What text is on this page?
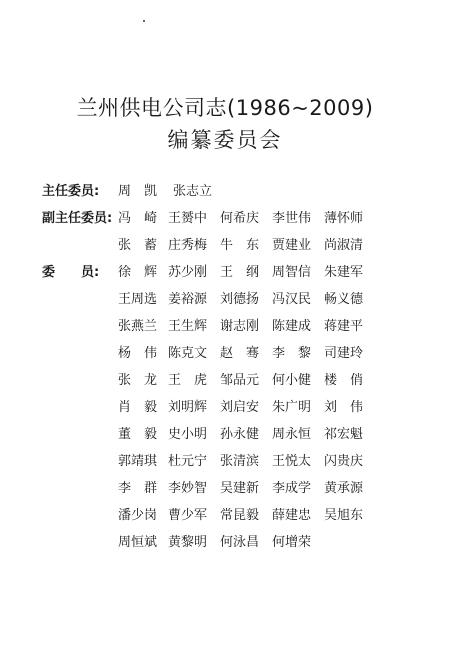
兰州供电公司志(1986~2009)
编纂委员会
主任委员: 周　凯 张志立
副主任委员: 冯　崎 王赟中 何希庆 李世伟 薄怀师
张　蓄 庄秀梅 牛　东 贾建业 尚淑清
委　　员: 徐　辉 苏少刚 王　纲 周智信 朱建军
王周选 姜裕源 刘德扬 冯汉民 畅义德
张燕兰 王生辉 谢志刚 陈建成 蒋建平
杨　伟 陈克文 赵　骞 李　黎 司建玲
张　龙 王　虎 邹品元 何小健 楼　俏
肖　毅 刘明辉 刘启安 朱广明 刘　伟
董　毅 史小明 孙永健 周永恒 祁宏魁
郭靖琪 杜元宁 张清滨 王悦太 闪贵庆
李　群 李妙智 吴建新 李成学 黄承源
潘少岗 曹少军 常昆毅 薛建忠 吴旭东
周恒斌 黄黎明 何泳昌 何增荣
